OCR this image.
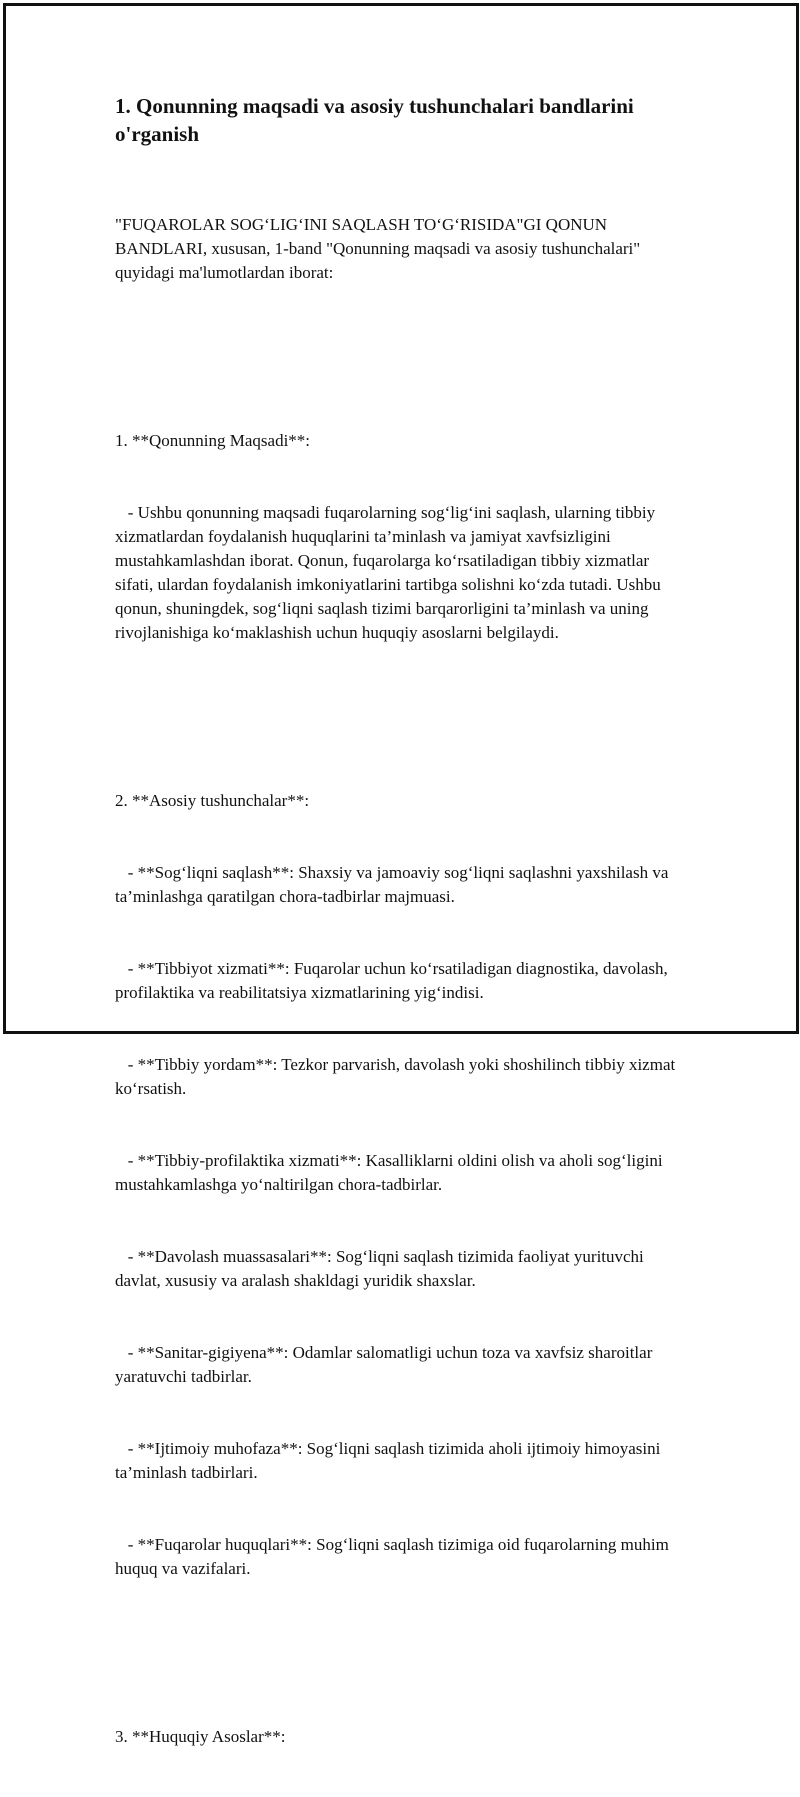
1. Qonunning maqsadi va asosiy tushunchalari bandlarini o'rganish

"FUQAROLAR SOG‘LIG‘INI SAQLASH TO‘G‘RISIDA"GI QONUN BANDLARI, xususan, 1-band "Qonunning maqsadi va asosiy tushunchalari" quyidagi ma'lumotlardan iborat:

1. **Qonunning Maqsadi**:

- Ushbu qonunning maqsadi fuqarolarning sog‘lig‘ini saqlash, ularning tibbiy xizmatlardan foydalanish huquqlarini ta’minlash va jamiyat xavfsizligini mustahkamlashdan iborat. Qonun, fuqarolarga ko‘rsatiladigan tibbiy xizmatlar sifati, ulardan foydalanish imkoniyatlarini tartibga solishni ko‘zda tutadi. Ushbu qonun, shuningdek, sog‘liqni saqlash tizimi barqarorligini ta’minlash va uning rivojlanishiga ko‘maklashish uchun huquqiy asoslarni belgilaydi.

2. **Asosiy tushunchalar**:

- **Sog‘liqni saqlash**: Shaxsiy va jamoaviy sog‘liqni saqlashni yaxshilash va ta’minlashga qaratilgan chora-tadbirlar majmuasi.

- **Tibbiyot xizmati**: Fuqarolar uchun ko‘rsatiladigan diagnostika, davolash, profilaktika va reabilitatsiya xizmatlarining yig‘indisi.

- **Tibbiy yordam**: Tezkor parvarish, davolash yoki shoshilinch tibbiy xizmat ko‘rsatish.

- **Tibbiy-profilaktika xizmati**: Kasalliklarni oldini olish va aholi sog‘ligini mustahkamlashga yo‘naltirilgan chora-tadbirlar.

- **Davolash muassasalari**: Sog‘liqni saqlash tizimida faoliyat yurituvchi davlat, xususiy va aralash shakldagi yuridik shaxslar.

- **Sanitar-gigiyena**: Odamlar salomatligi uchun toza va xavfsiz sharoitlar yaratuvchi tadbirlar.

- **Ijtimoiy muhofaza**: Sog‘liqni saqlash tizimida aholi ijtimoiy himoyasini ta’minlash tadbirlari.

- **Fuqarolar huquqlari**: Sog‘liqni saqlash tizimiga oid fuqarolarning muhim huquq va vazifalari.

3. **Huquqiy Asoslar**:
